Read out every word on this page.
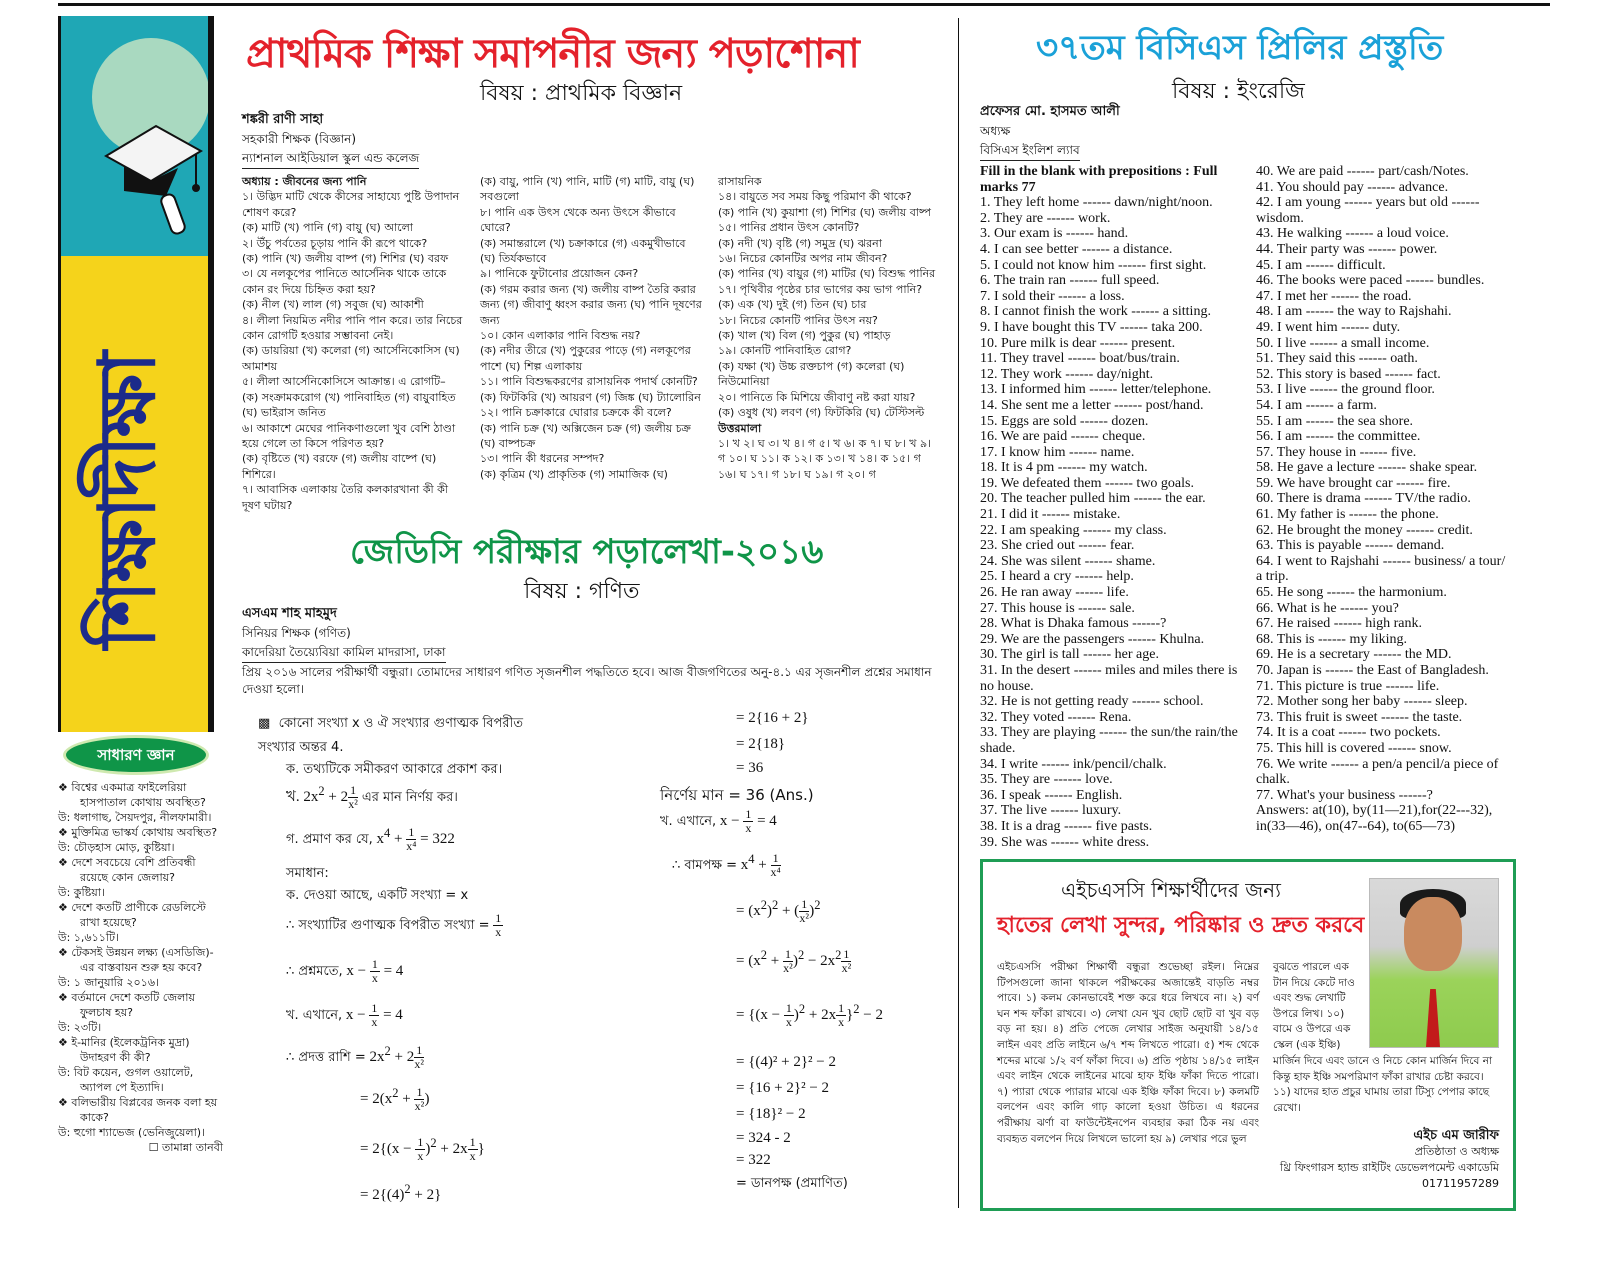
শিক্ষাদীক্ষা
প্রাথমিক শিক্ষা সমাপনীর জন্য পড়াশোনা
বিষয় : প্রাথমিক বিজ্ঞান
শঙ্করী রাণী সাহা
সহকারী শিক্ষক (বিজ্ঞান)
ন্যাশনাল আইডিয়াল স্কুল এন্ড কলেজ
অধ্যায় : জীবনের জন্য পানি
১। উদ্ভিদ মাটি থেকে কীসের সাহায্যে পুষ্টি উপাদান শোষণ করে?
(ক) মাটি (খ) পানি (গ) বায়ু (ঘ) আলো
২। উঁচু পর্বতের চূড়ায় পানি কী রূপে থাকে?
(ক) পানি (খ) জলীয় বাষ্প (গ) শিশির (ঘ) বরফ
৩। যে নলকূপের পানিতে আর্সেনিক থাকে তাকে কোন রং দিয়ে চিহ্নিত করা হয়?
(ক) নীল (খ) লাল (গ) সবুজ (ঘ) আকাশী
৪। লীলা নিয়মিত নদীর পানি পান করে। তার নিচের কোন রোগটি হওয়ার সম্ভাবনা নেই।
(ক) ডায়রিয়া (খ) কলেরা (গ) আর্সেনিকোসিস (ঘ) আমাশয়
৫। লীলা আর্সেনিকোসিসে আক্রান্ত। এ রোগটি– (ক) সংক্রামকরোগ (খ) পানিবাহিত (গ) বায়ুবাহিত (ঘ) ভাইরাস জনিত
৬। আকাশে মেঘের পানিকণাগুলো খুব বেশি ঠাণ্ডা হয়ে গেলে তা কিসে পরিণত হয়?
(ক) বৃষ্টিতে (খ) বরফে (গ) জলীয় বাষ্পে (ঘ) শিশিরে।
৭। আবাসিক এলাকায় তৈরি কলকারখানা কী কী দূষণ ঘটায়?
(ক) বায়ু, পানি (খ) পানি, মাটি (গ) মাটি, বায়ু (ঘ) সবগুলো
৮। পানি এক উৎস থেকে অন্য উৎসে কীভাবে ঘোরে?
(ক) সমান্তরালে (খ) চক্রাকারে (গ) একমুখীভাবে (ঘ) তির্যকভাবে
৯। পানিকে ফুটানোর প্রয়োজন কেন?
(ক) গরম করার জন্য (খ) জলীয় বাষ্প তৈরি করার জন্য (গ) জীবাণু ধ্বংস করার জন্য (ঘ) পানি দূষণের জন্য
১০। কোন এলাকার পানি বিশুদ্ধ নয়?
(ক) নদীর তীরে (খ) পুকুরের পাড়ে (গ) নলকূপের পাশে (ঘ) শিল্প এলাকায়
১১। পানি বিশুদ্ধকরণের রাসায়নিক পদার্থ কোনটি?
(ক) ফিটকিরি (খ) আয়রণ (গ) জিঙ্ক (ঘ) ট্যালোরিন
১২। পানি চক্রাকারে ঘোরার চক্রকে কী বলে?
(ক) পানি চক্র (খ) অক্সিজেন চক্র (গ) জলীয় চক্র (ঘ) বাষ্পচক্র
১৩। পানি কী ধরনের সম্পদ?
(ক) কৃত্রিম (খ) প্রাকৃতিক (গ) সামাজিক (ঘ)
রাসায়নিক
১৪। বায়ুতে সব সময় কিছু পরিমাণ কী থাকে?
(ক) পানি (খ) কুয়াশা (গ) শিশির (ঘ) জলীয় বাষ্প
১৫। পানির প্রধান উৎস কোনটি?
(ক) নদী (খ) বৃষ্টি (গ) সমুদ্র (ঘ) ঝরনা
১৬। নিচের কোনটির অপর নাম জীবন?
(ক) পানির (খ) বায়ুর (গ) মাটির (ঘ) বিশুদ্ধ পানির
১৭। পৃথিবীর পৃষ্ঠের চার ভাগের কয় ভাগ পানি?
(ক) এক (খ) দুই (গ) তিন (ঘ) চার
১৮। নিচের কোনটি পানির উৎস নয়?
(ক) খাল (খ) বিল (গ) পুকুর (ঘ) পাহাড়
১৯। কোনটি পানিবাহিত রোগ?
(ক) যক্ষা (খ) উচ্চ রক্তচাপ (গ) কলেরা (ঘ) নিউমোনিয়া
২০। পানিতে কি মিশিয়ে জীবাণু নষ্ট করা যায়?
(ক) ওষুধ (খ) লবণ (গ) ফিটকিরি (ঘ) টেস্টিসল্ট
উত্তরমালা
১। খ ২। ঘ ৩। খ ৪। গ ৫। খ ৬। ক ৭। ঘ ৮। খ ৯। গ ১০। ঘ ১১। ক ১২। ক ১৩। খ ১৪। ক ১৫। গ ১৬। ঘ ১৭। গ ১৮। ঘ ১৯। গ ২০। গ
জেডিসি পরীক্ষার পড়ালেখা-২০১৬
বিষয় : গণিত
এসএম শাহ মাহমুদ
সিনিয়র শিক্ষক (গণিত)
কাদেরিয়া তৈয়্যেবিয়া কামিল মাদরাসা, ঢাকা
প্রিয় ২০১৬ সালের পরীক্ষার্থী বন্ধুরা। তোমাদের সাধারণ গণিত সৃজনশীল পদ্ধতিতে হবে। আজ বীজগণিতের অনু-৪.১ এর সৃজনশীল প্রশ্নের সমাধান দেওয়া হলো।
▩ কোনো সংখ্যা x ও ঐ সংখ্যার গুণাত্মক বিপরীত
সংখ্যার অন্তর 4.
ক. তথ্যটিকে সমীকরণ আকারে প্রকাশ কর।
খ. $2x^2 + 2 \frac{1}{\text{x²}}$ এর মান নির্ণয় কর।
গ. প্রমাণ কর যে, $x^4 + \frac{1}{\text{x⁴}} = 322$
সমাধান:
ক. দেওয়া আছে, একটি সংখ্যা = x
∴ সংখ্যাটির গুণাত্মক বিপরীত সংখ্যা = $\frac{1}{x}$
∴ প্রশ্নমতে, $x - \frac{1}{x} = 4$
খ. এখানে, $x - \frac{1}{x} = 4$
∴ প্রদত্ত রাশি = $2x^2 + 2 \frac{1}{\text{x²}}$
= $2(x^2 + \frac{1}{\text{x²}}$ )
= $2\{(x - \frac{1}{x} )^2 + 2x \frac{1}{x}$ }
= $2\{(4)^2 + 2\}$
= 2{16 + 2}
= 2{18}
= 36
নির্ণেয় মান = 36 (Ans.)
খ. এখানে, $x - \frac{1}{x} = 4$
∴ বামপক্ষ = $x^4 + \frac{1}{\text{x⁴}}$
= $(x^2)^2$ + ( $\frac{1}{\text{x²}} )^2$
= $(x^2 + \frac{1}{\text{x²}} )^2 - 2x^2 \frac{1}{\text{x²}}$
= $\{(x - \frac{1}{x} )^2 + 2x \frac{1}{x} \}^2 - 2$
= {(4)² + 2}² − 2
= {16 + 2}² − 2
= {18}² − 2
= 324 - 2
= 322
= ডানপক্ষ (প্রমাণিত)
সাধারণ জ্ঞান
❖ বিশ্বের একমাত্র ফাইলেরিয়া হাসপাতাল কোথায় অবস্থিত?
উ: ধলাগাছ, সৈয়দপুর, নীলফামারী।
❖ মুক্তিমিত্র ভাস্কর্য কোথায় অবস্থিত?
উ: চৌড়হাস মোড়, কুষ্টিয়া।
❖ দেশে সবচেয়ে বেশি প্রতিবন্ধী রয়েছে কোন জেলায়?
উ: কুষ্টিয়া।
❖ দেশে কতটি প্রাণীকে রেডলিস্টে রাখা হয়েছে?
উ: ১,৬১১টি।
❖ টেকসই উন্নয়ন লক্ষ্য (এসডিজি)-এর বাস্তবায়ন শুরু হয় কবে?
উ: ১ জানুয়ারি ২০১৬।
❖ বর্তমানে দেশে কতটি জেলায় ফুলচাষ হয়?
উ: ২৩টি।
❖ ই-মানির (ইলেকট্রনিক মুদ্রা) উদাহরণ কী কী?
উ: বিট কয়েন, গুগল ওয়ালেট, অ্যাপল পে ইত্যাদি।
❖ বলিভারীয় বিপ্লবের জনক বলা হয় কাকে?
উ: হুগো শ্যাভেজ (ভেনিজুয়েলা)।
☐ তামান্না তানবী
৩৭তম বিসিএস প্রিলির প্রস্তুতি
বিষয় : ইংরেজি
প্রফেসর মো. হাসমত আলী
অধ্যক্ষ
বিসিএস ইংলিশ ল্যাব
Fill in the blank with prepositions : Full marks 77
1. They left home ------ dawn/night/noon.
2. They are ------ work.
3. Our exam is ------ hand.
4. I can see better ------ a distance.
5. I could not know him ------ first sight.
6. The train ran ------ full speed.
7. I sold their ------ a loss.
8. I cannot finish the work ------ a sitting.
9. I have bought this TV ------ taka 200.
10. Pure milk is dear ------ present.
11. They travel ------ boat/bus/train.
12. They work ------ day/night.
13. I informed him ------ letter/telephone.
14. She sent me a letter ------ post/hand.
15. Eggs are sold ------ dozen.
16. We are paid ------ cheque.
17. I know him ------ name.
18. It is 4 pm ------ my watch.
19. We defeated them ------ two goals.
20. The teacher pulled him ------ the ear.
21. I did it ------ mistake.
22. I am speaking ------ my class.
23. She cried out ------ fear.
24. She was silent ------ shame.
25. I heard a cry ------ help.
26. He ran away ------ life.
27. This house is ------ sale.
28. What is Dhaka famous ------?
29. We are the passengers ------ Khulna.
30. The girl is tall ------ her age.
31. In the desert ------ miles and miles there is no house.
32. He is not getting ready ------ school.
32. They voted ------ Rena.
33. They are playing ------ the sun/the rain/the shade.
34. I write ------ ink/pencil/chalk.
35. They are ------ love.
36. I speak ------ English.
37. The live ------ luxury.
38. It is a drag ------ five pasts.
39. She was ------ white dress.
40. We are paid ------ part/cash/Notes.
41. You should pay ------ advance.
42. I am young ------ years but old ------ wisdom.
43. He walking ------ a loud voice.
44. Their party was ------ power.
45. I am ------ difficult.
46. The books were paced ------ bundles.
47. I met her ------ the road.
48. I am ------ the way to Rajshahi.
49. I went him ------ duty.
50. I live ------ a small income.
51. They said this ------ oath.
52. This story is based ------ fact.
53. I live ------ the ground floor.
54. I am ------ a farm.
55. I am ------ the sea shore.
56. I am ------ the committee.
57. They house in ------ five.
58. He gave a lecture ------ shake spear.
59. We have brought car ------ fire.
60. There is drama ------ TV/the radio.
61. My father is ------ the phone.
62. He brought the money ------ credit.
63. This is payable ------ demand.
64. I went to Rajshahi ------ business/ a tour/ a trip.
65. He song ------ the harmonium.
66. What is he ------ you?
67. He raised ------ high rank.
68. This is ------ my liking.
69. He is a secretary ------ the MD.
70. Japan is ------ the East of Bangladesh.
71. This picture is true ------ life.
72. Mother song her baby ------ sleep.
73. This fruit is sweet ------ the taste.
74. It is a coat ------ two pockets.
75. This hill is covered ------ snow.
76. We write ------ a pen/a pencil/a piece of chalk.
77. What's your business ------?
Answers: at(10), by(11—21),for(22---32), in(33—46), on(47--64), to(65—73)
এইচএসসি শিক্ষার্থীদের জন্য
হাতের লেখা সুন্দর, পরিষ্কার ও দ্রুত করবে
এইচএসসি পরীক্ষা শিক্ষার্থী বন্ধুরা শুভেচ্ছা রইল। নিম্নের টিপসগুলো জানা থাকলে পরীক্ষকের অজান্তেই বাড়তি নম্বর পাবে। ১) কলম কোনভাবেই শক্ত করে ধরে লিখবে না। ২) বর্ণ ঘন শব্দ ফাঁকা রাখবে। ৩) লেখা যেন খুব ছোট ছোট বা খুব বড় বড় না হয়। ৪) প্রতি পেজে লেখার সাইজ অনুযায়ী ১৪/১৫ লাইন এবং প্রতি লাইনে ৬/৭ শব্দ লিখতে পারো। ৫) শব্দ থেকে শব্দের মাঝে ১/২ বর্ণ ফাঁকা দিবে। ৬) প্রতি পৃষ্ঠায় ১৪/১৫ লাইন এবং লাইন থেকে লাইনের মাঝে হাফ ইঞ্চি ফাঁকা দিতে পারো। ৭) প্যারা থেকে প্যারার মাঝে এক ইঞ্চি ফাঁকা দিবে। ৮) কলমটি বলপেন এবং কালি গাঢ় কালো হওয়া উচিত। এ ধরনের পরীক্ষায় ঝর্ণা বা ফাউন্টেইনপেন ব্যবহার করা ঠিক নয় এবং ব্যবহৃত বলপেন দিয়ে লিখলে ভালো হয় ৯) লেখার পরে ভুল
বুঝতে পারলে এক টান দিয়ে কেটে দাও এবং শুদ্ধ লেখাটি উপরে লিখ। ১০) বামে ও উপরে এক স্কেল (এক ইঞ্চি)
মার্জিন দিবে এবং ডানে ও নিচে কোন মার্জিন দিবে না কিন্তু হাফ ইঞ্চি সমপরিমাণ ফাঁকা রাখার চেষ্টা করবে। ১১) যাদের হাত প্রচুর ঘামায় তারা টিস্যু পেপার কাছে রেখো।
এইচ এম জারীফ
প্রতিষ্ঠাতা ও অধ্যক্ষ
থ্রি ফিংগারস হ্যান্ড রাইটিং ডেভেলপমেন্ট একাডেমি
01711957289
